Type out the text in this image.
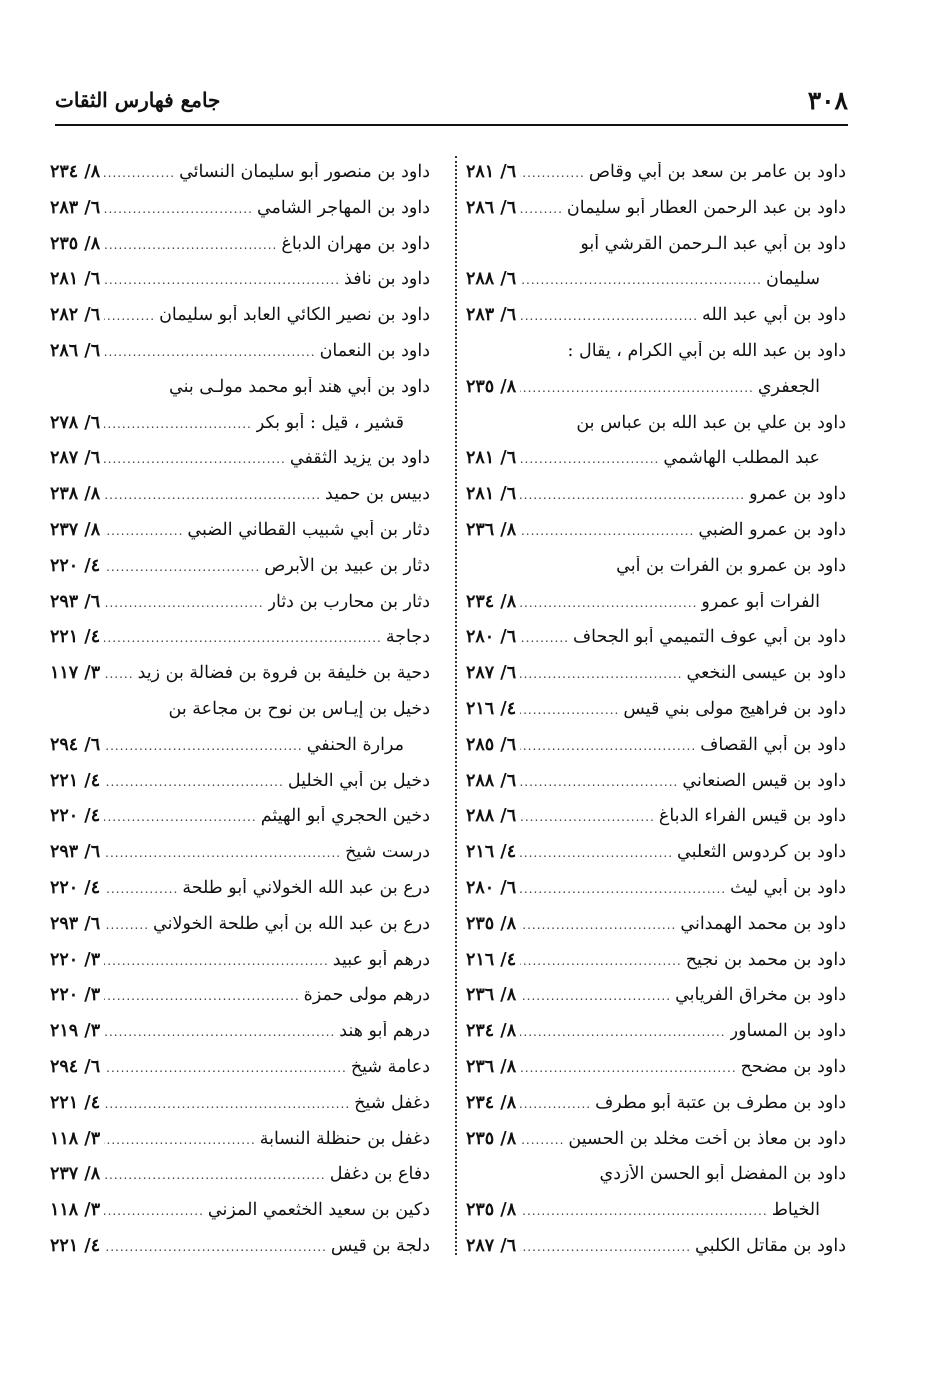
٣٠٨
جامع فهارس الثقات
داود بن عامر بن سعد بن أبي وقاص
.....
٦/ ٢٨١
داود بن عبد الرحمن العطار أبو سليمان
.....
٦/ ٢٨٦
داود بن أبي عبد الـرحمن القرشي أبو
سليمان
.....
٦/ ٢٨٨
داود بن أبي عبد الله
.....
٦/ ٢٨٣
داود بن عبد الله بن أبي الكرام ، يقال :
الجعفري
.....
٨/ ٢٣٥
داود بن علي بن عبد الله بن عباس بن
عبد المطلب الهاشمي
.....
٦/ ٢٨١
داود بن عمرو
.....
٦/ ٢٨١
داود بن عمرو الضبي
.....
٨/ ٢٣٦
داود بن عمرو بن الفرات بن أبي
الفرات أبو عمرو
.....
٨/ ٢٣٤
داود بن أبي عوف التميمي أبو الجحاف
.....
٦/ ٢٨٠
داود بن عيسى النخعي
.....
٦/ ٢٨٧
داود بن فراهيج مولى بني قيس
.....
٤/ ٢١٦
داود بن أبي القصاف
.....
٦/ ٢٨٥
داود بن قيس الصنعاني
.....
٦/ ٢٨٨
داود بن قيس الفراء الدباغ
.....
٦/ ٢٨٨
داود بن كردوس الثعلبي
.....
٤/ ٢١٦
داود بن أبي ليث
.....
٦/ ٢٨٠
داود بن محمد الهمداني
.....
٨/ ٢٣٥
داود بن محمد بن نجيح
.....
٤/ ٢١٦
داود بن مخراق الفريابي
.....
٨/ ٢٣٦
داود بن المساور
.....
٨/ ٢٣٤
داود بن مضحح
.....
٨/ ٢٣٦
داود بن مطرف بن عتبة أبو مطرف
.....
٨/ ٢٣٤
داود بن معاذ بن أخت مخلد بن الحسين
.....
٨/ ٢٣٥
داود بن المفضل أبو الحسن الأزدي
الخياط
.....
٨/ ٢٣٥
داود بن مقاتل الكلبي
.....
٦/ ٢٨٧
داود بن منصور أبو سليمان النسائي
.....
٨/ ٢٣٤
داود بن المهاجر الشامي
.....
٦/ ٢٨٣
داود بن مهران الدباغ
.....
٨/ ٢٣٥
داود بن نافذ
.....
٦/ ٢٨١
داود بن نصير الكائي العابد أبو سليمان
.....
٦/ ٢٨٢
داود بن النعمان
.....
٦/ ٢٨٦
داود بن أبي هند أبو محمد مولـى بني
قشير ، قيل : أبو بكر
.....
٦/ ٢٧٨
داود بن يزيد الثقفي
.....
٦/ ٢٨٧
دبيس بن حميد
.....
٨/ ٢٣٨
دثار بن أبي شبيب القطاني الضبي
.....
٨/ ٢٣٧
دثار بن عبيد بن الأبرص
.....
٤/ ٢٢٠
دثار بن محارب بن دثار
.....
٦/ ٢٩٣
دجاجة
.....
٤/ ٢٢١
دحية بن خليفة بن فروة بن فضالة بن زيد
.....
٣/ ١١٧
دخيل بن إيـاس بن نوح بن مجاعة بن
مرارة الحنفي
.....
٦/ ٢٩٤
دخيل بن أبي الخليل
.....
٤/ ٢٢١
دخين الحجري أبو الهيثم
.....
٤/ ٢٢٠
درست شيخ
.....
٦/ ٢٩٣
درع بن عبد الله الخولاني أبو طلحة
.....
٤/ ٢٢٠
درع بن عبد الله بن أبي طلحة الخولاني
.....
٦/ ٢٩٣
درهم أبو عبيد
.....
٣/ ٢٢٠
درهم مولى حمزة
.....
٣/ ٢٢٠
درهم أبو هند
.....
٣/ ٢١٩
دعامة شيخ
.....
٦/ ٢٩٤
دغفل شيخ
.....
٤/ ٢٢١
دغفل بن حنظلة النسابة
.....
٣/ ١١٨
دفاع بن دغفل
.....
٨/ ٢٣٧
دكين بن سعيد الخثعمي المزني
.....
٣/ ١١٨
دلجة بن قيس
.....
٤/ ٢٢١
